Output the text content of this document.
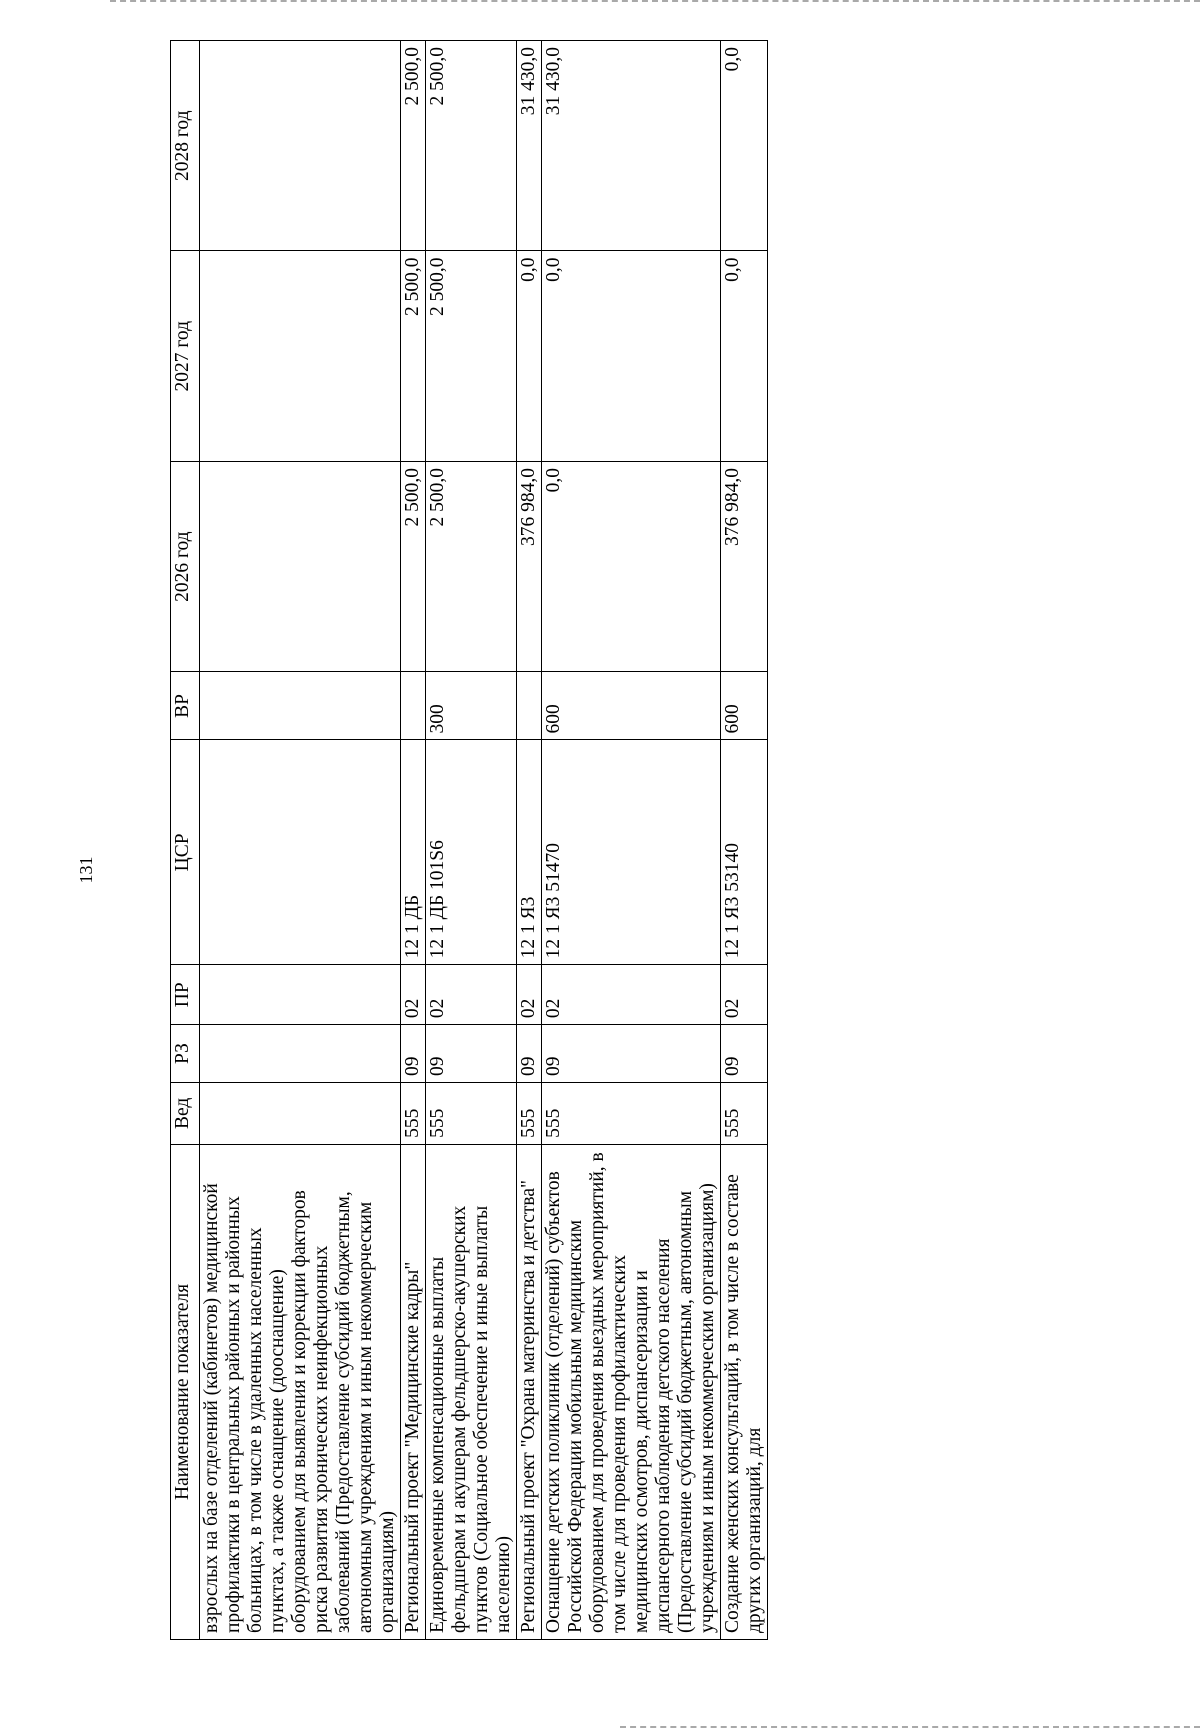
131
Наименование показателя	Вед	РЗ	ПР	ЦСР	ВР	2026 год	2027 год	2028 год
взрослых на базе отделений (кабинетов) медицинской профилактики в центральных районных и районных больницах, в том числе в удаленных населенных пунктах, а также оснащение (дооснащение) оборудованием для выявления и коррекции факторов риска развития хронических неинфекционных заболеваний (Предоставление субсидий бюджетным, автономным учреждениям и иным некоммерческим организациям)								
Региональный проект "Медицинские кадры"	555	09	02	12 1 ДБ		2 500,0	2 500,0	2 500,0
Единовременные компенсационные выплаты фельдшерам и акушерам фельдшерско-акушерских пунктов (Социальное обеспечение и иные выплаты населению)	555	09	02	12 1 ДБ 101S6	300	2 500,0	2 500,0	2 500,0
Региональный проект "Охрана материнства и детства"	555	09	02	12 1 Я3		376 984,0	0,0	31 430,0
Оснащение детских поликлиник (отделений) субъектов Российской Федерации мобильным медицинским оборудованием для проведения выездных мероприятий, в том числе для проведения профилактических медицинских осмотров, диспансеризации и диспансерного наблюдения детского населения (Предоставление субсидий бюджетным, автономным учреждениям и иным некоммерческим организациям)	555	09	02	12 1 Я3 51470	600	0,0	0,0	31 430,0
Создание женских консультаций, в том числе в составе других организаций, для	555	09	02	12 1 Я3 53140	600	376 984,0	0,0	0,0
